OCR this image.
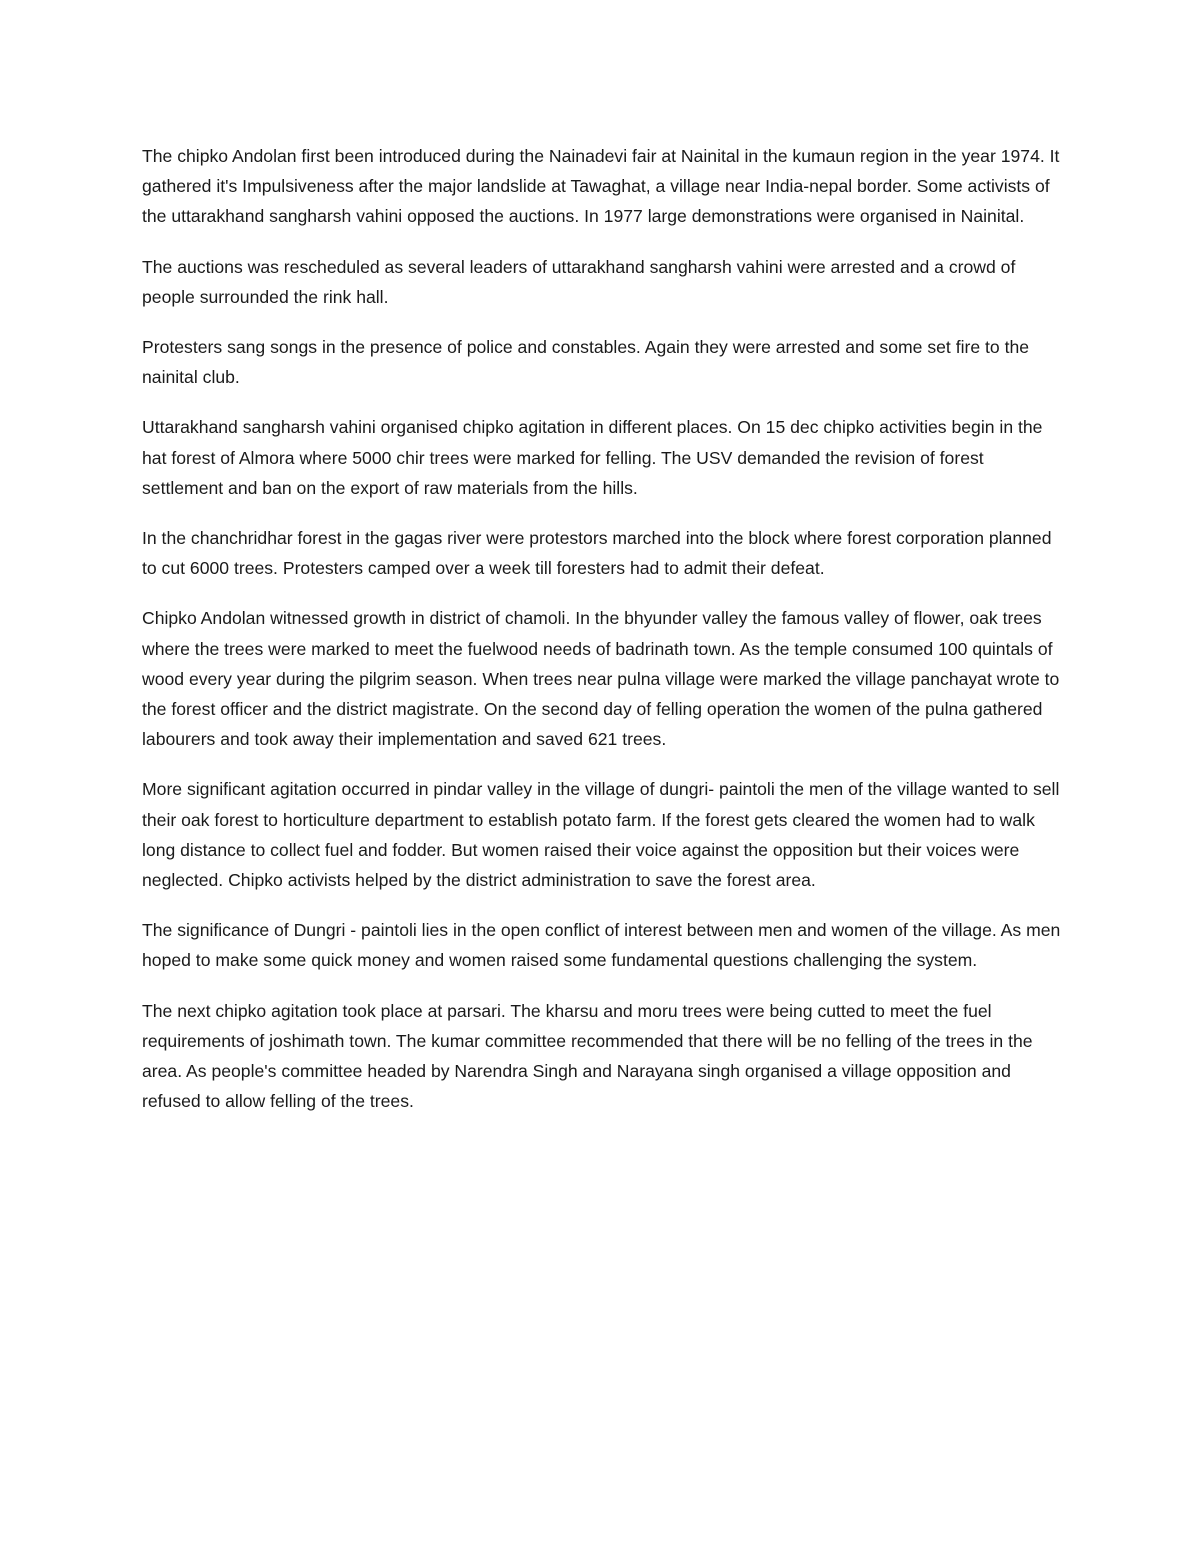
The chipko Andolan first been introduced during the Nainadevi fair at Nainital in the kumaun region in the year 1974. It gathered it's Impulsiveness after the major landslide at Tawaghat, a village near India-nepal border. Some activists of the uttarakhand sangharsh vahini opposed the auctions. In 1977 large demonstrations were organised in Nainital.

The auctions was rescheduled as several leaders of uttarakhand sangharsh vahini were arrested and a crowd of people surrounded the rink hall.

Protesters sang songs in the presence of police and constables. Again they were arrested and some set fire to the nainital club.

Uttarakhand sangharsh vahini organised chipko agitation in different places. On 15 dec chipko activities begin in the hat forest of Almora where 5000 chir trees were marked for felling. The USV demanded the revision of forest settlement and ban on the export of raw materials from the hills.

In the chanchridhar forest in the gagas river were protestors marched into the block where forest corporation planned to cut 6000 trees. Protesters camped over a week till foresters had to admit their defeat.

Chipko Andolan witnessed growth in district of chamoli. In the bhyunder valley the famous valley of flower, oak trees where the trees were marked to meet the fuelwood needs of badrinath town. As the temple consumed 100 quintals of wood every year during the pilgrim season. When trees near pulna village were marked the village panchayat wrote to the forest officer and the district magistrate. On the second day of felling operation the women of the pulna gathered labourers and took away their implementation and saved 621 trees.

More significant agitation occurred in pindar valley in the village of dungri- paintoli the men of the village wanted to sell their oak forest to horticulture department to establish potato farm. If the forest gets cleared the women had to walk long distance to collect fuel and fodder. But women raised their voice against the opposition but their voices were neglected. Chipko activists helped by the district administration to save the forest area.

The significance of Dungri - paintoli lies in the open conflict of interest between men and women of the village. As men hoped to make some quick money and women raised some fundamental questions challenging the system.

The next chipko agitation took place at parsari. The kharsu and moru trees were being cutted to meet the fuel requirements of joshimath town. The kumar committee recommended that there will be no felling of the trees in the area. As people's committee headed by Narendra Singh and Narayana singh organised a village opposition and refused to allow felling of the trees.
